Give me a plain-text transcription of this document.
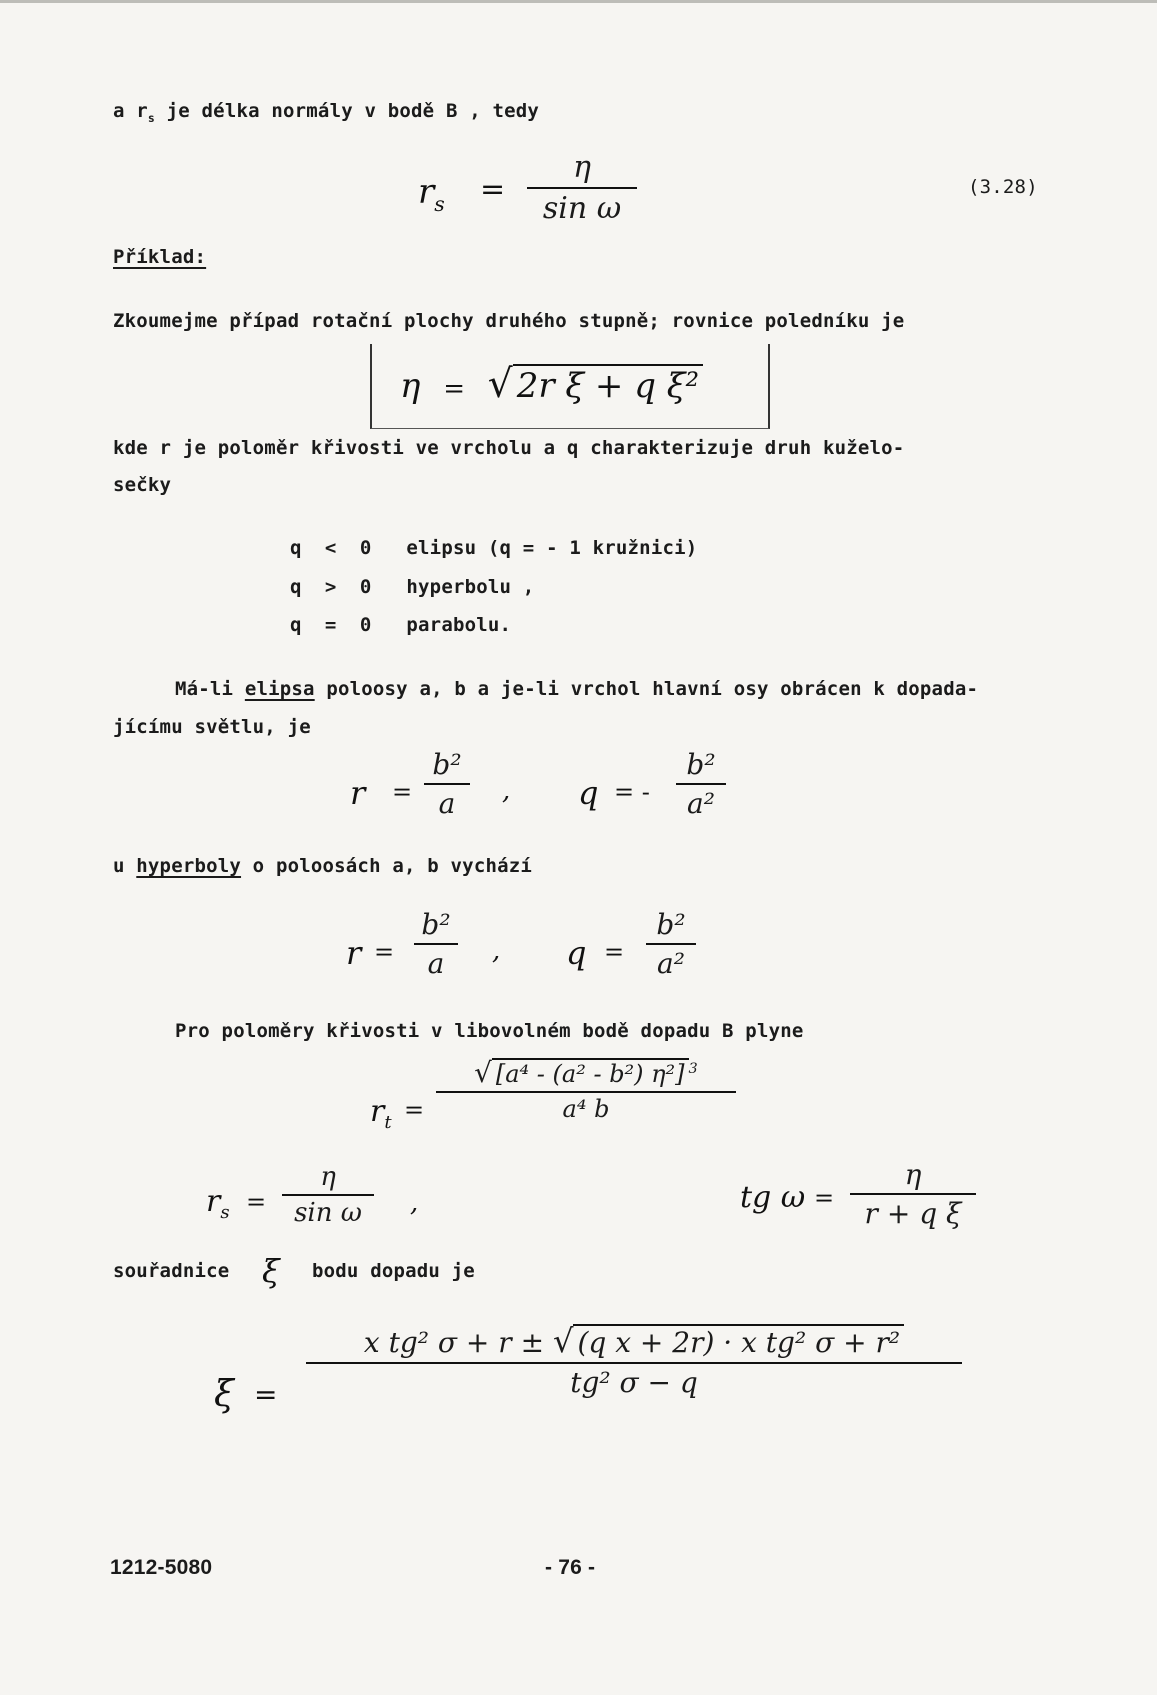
a $r_s$ je délka normály v bodě B , tedy
$r_s$ =
η
sin ω
(3.28)
Příklad:
Zkoumejme případ rotační plochy druhého stupně; rovnice poledníku je
η = √ 2r ξ + q ξ²
kde r je poloměr křivosti ve vrcholu a q charakterizuje druh kuželo-
sečky
q < 0 elipsu (q = - 1 kružnici)
q > 0 hyperbolu ,
q = 0 parabolu.
Má-li elipsa poloosy a, b a je-li vrchol hlavní osy obrácen k dopada-
jícímu světlu, je
r =
b²
a , q = -
b²
a²
u hyperboly o poloosách a, b vychází
r =
b²
a , q =
b²
a²
Pro poloměry křivosti v libovolném bodě dopadu B plyne
$r_t$ =
√ [a⁴ - (a² - b²) η²] $^3$
a⁴ b
$r_s$ =
η
sin ω ,	tg ω =
η
r + q ξ
souřadnice ξ bodu dopadu je
ξ =
x tg² σ + r ± √ (q x + 2r) · x tg² σ + r²
tg² σ − q
1212-5080	- 76 -
